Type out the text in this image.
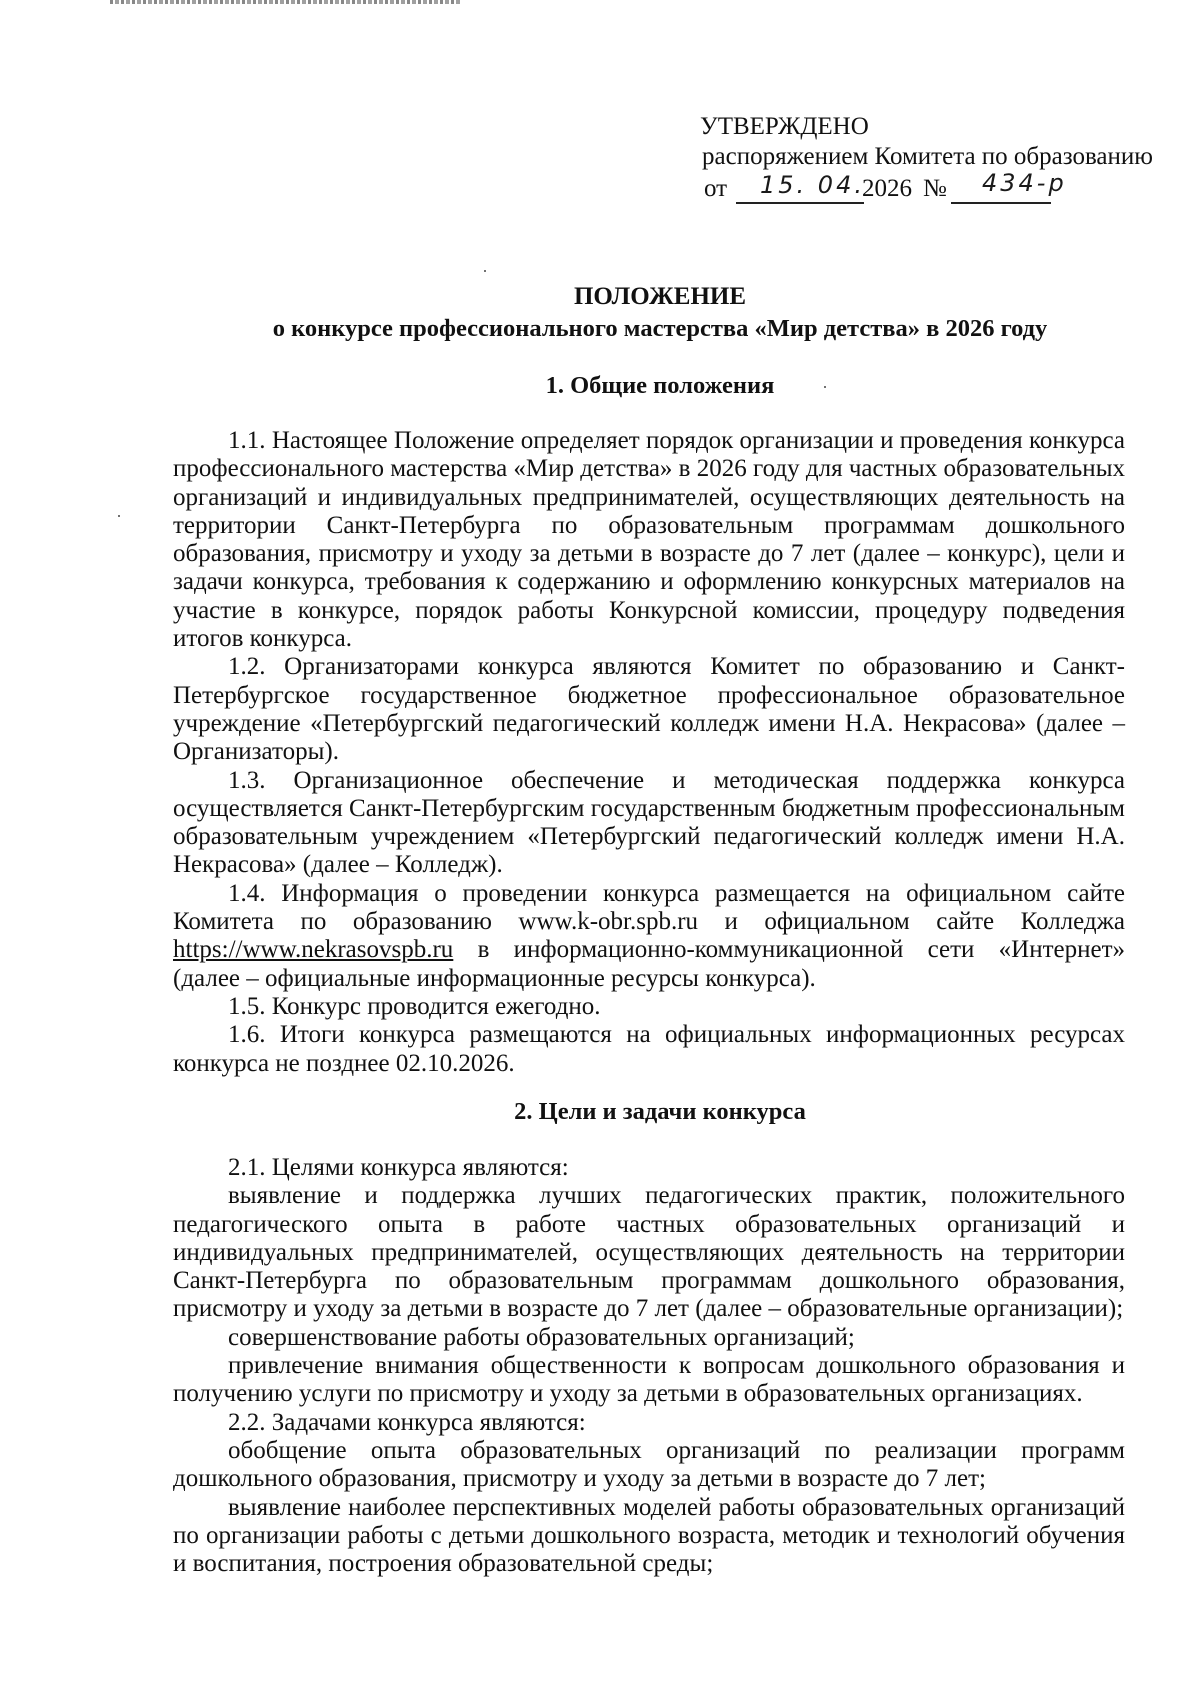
УТВЕРЖДЕНО
распоряжением Комитета по образованию
от 15. 04.
2026 № 434-р
ПОЛОЖЕНИЕ
о конкурсе профессионального мастерства «Мир детства» в 2026 году
1. Общие положения

1.1. Настоящее Положение определяет порядок организации и проведения конкурса профессионального мастерства «Мир детства» в 2026 году для частных образовательных организаций и индивидуальных предпринимателей, осуществляющих деятельность на территории Санкт-Петербурга по образовательным программам дошкольного образования, присмотру и уходу за детьми в возрасте до 7 лет (далее – конкурс), цели и задачи конкурса, требования к содержанию и оформлению конкурсных материалов на участие в конкурсе, порядок работы Конкурсной комиссии, процедуру подведения итогов конкурса.

1.2. Организаторами конкурса являются Комитет по образованию и Санкт-Петербургское государственное бюджетное профессиональное образовательное учреждение «Петербургский педагогический колледж имени Н.А. Некрасова» (далее – Организаторы).

1.3. Организационное обеспечение и методическая поддержка конкурса осуществляется Санкт-Петербургским государственным бюджетным профессиональным образовательным учреждением «Петербургский педагогический колледж имени Н.А. Некрасова» (далее – Колледж).

1.4. Информация о проведении конкурса размещается на официальном сайте Комитета по образованию www.k-obr.spb.ru и официальном сайте Колледжа https://www.nekrasovspb.ru в информационно-коммуникационной сети «Интернет» (далее – официальные информационные ресурсы конкурса).

1.5. Конкурс проводится ежегодно.

1.6. Итоги конкурса размещаются на официальных информационных ресурсах конкурса не позднее 02.10.2026.

2. Цели и задачи конкурса

2.1. Целями конкурса являются:

выявление и поддержка лучших педагогических практик, положительного педагогического опыта в работе частных образовательных организаций и индивидуальных предпринимателей, осуществляющих деятельность на территории Санкт-Петербурга по образовательным программам дошкольного образования, присмотру и уходу за детьми в возрасте до 7 лет (далее – образовательные организации);

совершенствование работы образовательных организаций;

привлечение внимания общественности к вопросам дошкольного образования и получению услуги по присмотру и уходу за детьми в образовательных организациях.

2.2. Задачами конкурса являются:

обобщение опыта образовательных организаций по реализации программ дошкольного образования, присмотру и уходу за детьми в возрасте до 7 лет;

выявление наиболее перспективных моделей работы образовательных организаций по организации работы с детьми дошкольного возраста, методик и технологий обучения и воспитания, построения образовательной среды;
